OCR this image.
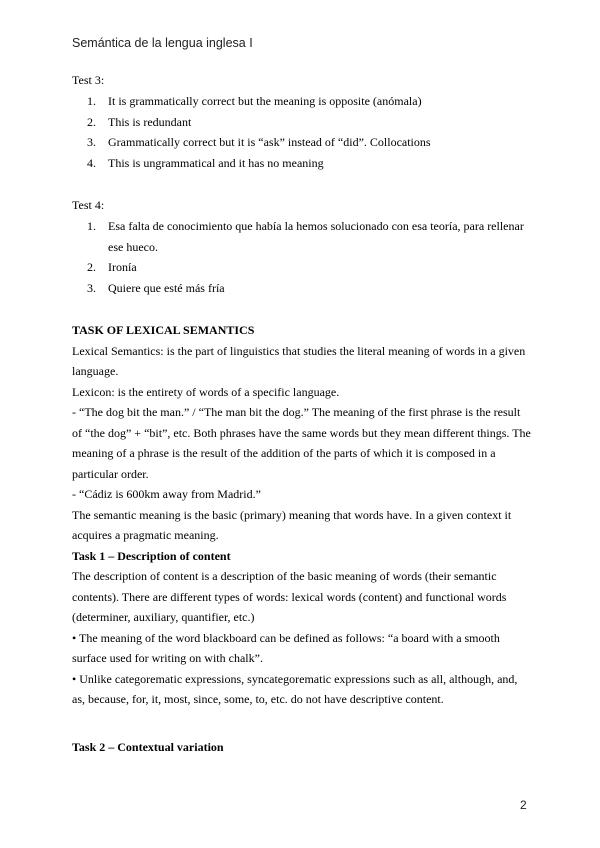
Semántica de la lengua inglesa I
Test 3:
1.	It is grammatically correct but the meaning is opposite (anómala)
2.	This is redundant
3.	Grammatically correct but it is “ask” instead of “did”. Collocations
4.	This is ungrammatical and it has no meaning
Test 4:
1.	Esa falta de conocimiento que había la hemos solucionado con esa teoría, para rellenar ese hueco.
2.	Ironía
3.	Quiere que esté más fría
TASK OF LEXICAL SEMANTICS
Lexical Semantics: is the part of linguistics that studies the literal meaning of words in a given language.
Lexicon: is the entirety of words of a specific language.
- “The dog bit the man.” / “The man bit the dog.” The meaning of the first phrase is the result of “the dog” + “bit”, etc. Both phrases have the same words but they mean different things. The meaning of a phrase is the result of the addition of the parts of which it is composed in a particular order.
- “Cádiz is 600km away from Madrid.”
The semantic meaning is the basic (primary) meaning that words have. In a given context it acquires a pragmatic meaning.
Task 1 – Description of content
The description of content is a description of the basic meaning of words (their semantic contents). There are different types of words: lexical words (content) and functional words (determiner, auxiliary, quantifier, etc.)
• The meaning of the word blackboard can be defined as follows: “a board with a smooth surface used for writing on with chalk”.
• Unlike categorematic expressions, syncategorematic expressions such as all, although, and, as, because, for, it, most, since, some, to, etc. do not have descriptive content.
Task 2 – Contextual variation
2
